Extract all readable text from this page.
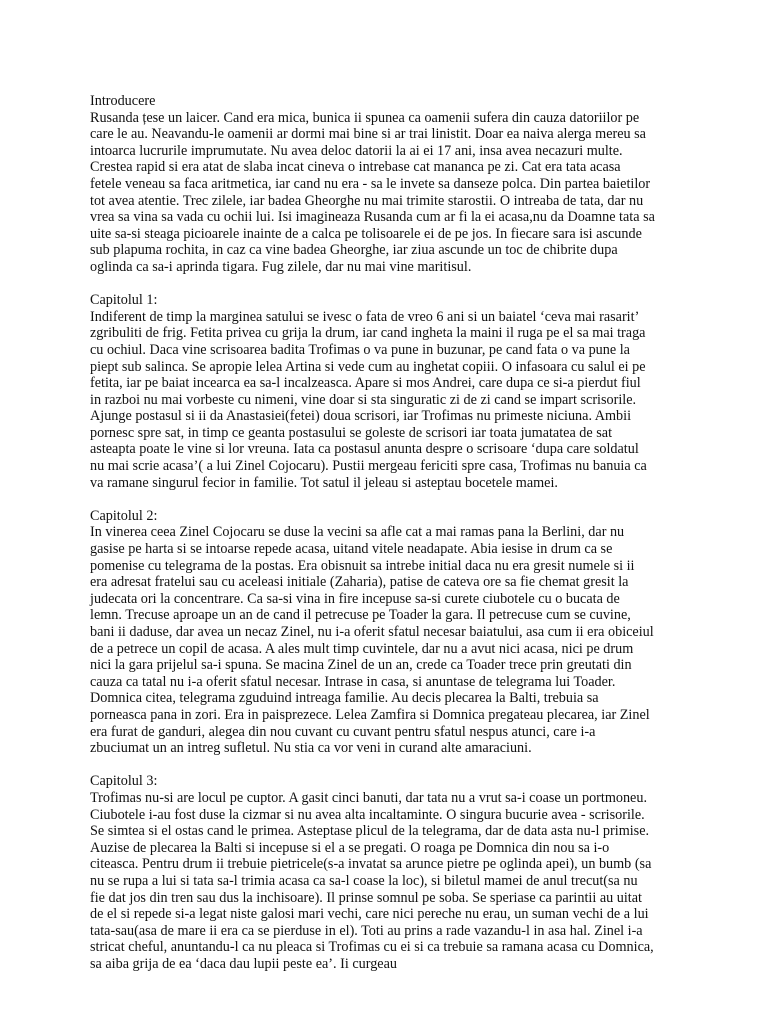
Introducere
Rusanda țese un laicer. Cand era mica, bunica ii spunea ca oamenii sufera din cauza datoriilor pe care le au. Neavandu-le oamenii ar dormi mai bine si ar trai linistit. Doar ea naiva alerga mereu sa intoarca lucrurile imprumutate. Nu avea deloc datorii la ai ei 17 ani, insa avea necazuri multe. Crestea rapid si era atat de slaba incat cineva o intrebase cat mananca pe zi. Cat era tata acasa fetele veneau sa faca aritmetica, iar cand nu era - sa le invete sa danseze polca. Din partea baietilor tot avea atentie. Trec zilele, iar badea Gheorghe nu mai trimite starostii. O intreaba de tata, dar nu vrea sa vina sa vada cu ochii lui. Isi imagineaza Rusanda cum ar fi la ei acasa,nu da Doamne tata sa uite sa-si steaga picioarele inainte de a calca pe tolisoarele ei de pe jos. In fiecare sara isi ascunde sub plapuma rochita, in caz ca vine badea Gheorghe, iar ziua ascunde un toc de chibrite dupa oglinda ca sa-i aprinda tigara. Fug zilele, dar nu mai vine maritisul.
Capitolul 1:
Indiferent de timp la marginea satului se ivesc o fata de vreo 6 ani si un baiatel ‘ceva mai rasarit’ zgribuliti de frig. Fetita privea cu grija la drum, iar cand ingheta la maini il ruga pe el sa mai traga cu ochiul. Daca vine scrisoarea badita Trofimas o va pune in buzunar, pe cand fata o va pune la piept sub salinca. Se apropie lelea Artina si vede cum au inghetat copiii. O infasoara cu salul ei pe fetita, iar pe baiat incearca ea sa-l incalzeasca. Apare si mos Andrei, care dupa ce si-a pierdut fiul in razboi nu mai vorbeste cu nimeni, vine doar si sta singuratic zi de zi cand se impart scrisorile. Ajunge postasul si ii da Anastasiei(fetei) doua scrisori, iar Trofimas nu primeste niciuna. Ambii pornesc spre sat, in timp ce geanta postasului se goleste de scrisori iar toata jumatatea de sat asteapta poate le vine si lor vreuna. Iata ca postasul anunta despre o scrisoare ‘dupa care soldatul nu mai scrie acasa’( a lui Zinel Cojocaru). Pustii mergeau fericiti spre casa, Trofimas nu banuia ca va ramane singurul fecior in familie. Tot satul il jeleau si asteptau bocetele mamei.
Capitolul 2:
In vinerea ceea Zinel Cojocaru se duse la vecini sa afle cat a mai ramas pana la Berlini, dar nu gasise pe harta si se intoarse repede acasa, uitand vitele neadapate. Abia iesise in drum ca se pomenise cu telegrama de la postas. Era obisnuit sa intrebe initial daca nu era gresit numele si ii era adresat fratelui sau cu aceleasi initiale (Zaharia), patise de cateva ore sa fie chemat gresit la judecata ori la concentrare. Ca sa-si vina in fire incepuse sa-si curete ciubotele cu o bucata de lemn. Trecuse aproape un an de cand il petrecuse pe Toader la gara. Il petrecuse cum se cuvine, bani ii daduse, dar avea un necaz Zinel, nu i-a oferit sfatul necesar baiatului, asa cum ii era obiceiul de a petrece un copil de acasa. A ales mult timp cuvintele, dar nu a avut nici acasa, nici pe drum nici la gara prijelul sa-i spuna. Se macina Zinel de un an, crede ca Toader trece prin greutati din cauza ca tatal nu i-a oferit sfatul necesar. Intrase in casa, si anuntase de telegrama lui Toader. Domnica citea, telegrama zguduind intreaga familie. Au decis plecarea la Balti, trebuia sa porneasca pana in zori. Era in paisprezece. Lelea Zamfira si Domnica pregateau plecarea, iar Zinel era furat de ganduri, alegea din nou cuvant cu cuvant pentru sfatul nespus atunci, care i-a zbuciumat un an intreg sufletul. Nu stia ca vor veni in curand alte amaraciuni.
Capitolul 3:
Trofimas nu-si are locul pe cuptor. A gasit cinci banuti, dar tata nu a vrut sa-i coase un portmoneu. Ciubotele i-au fost duse la cizmar si nu avea alta incaltaminte. O singura bucurie avea - scrisorile. Se simtea si el ostas cand le primea. Asteptase plicul de la telegrama, dar de data asta nu-l primise. Auzise de plecarea la Balti si incepuse si el a se pregati. O roaga pe Domnica din nou sa i-o citeasca. Pentru drum ii trebuie pietricele(s-a invatat sa arunce pietre pe oglinda apei), un bumb (sa nu se rupa a lui si tata sa-l trimia acasa ca sa-l coase la loc), si biletul mamei de anul trecut(sa nu fie dat jos din tren sau dus la inchisoare). Il prinse somnul pe soba. Se speriase ca parintii au uitat de el si repede si-a legat niste galosi mari vechi, care nici pereche nu erau, un suman vechi de a lui tata-sau(asa de mare ii era ca se pierduse in el). Toti au prins a rade vazandu-l in asa hal. Zinel i-a stricat cheful, anuntandu-l ca nu pleaca si Trofimas cu ei si ca trebuie sa ramana acasa cu Domnica, sa aiba grija de ea ‘daca dau lupii peste ea’. Ii curgeau
